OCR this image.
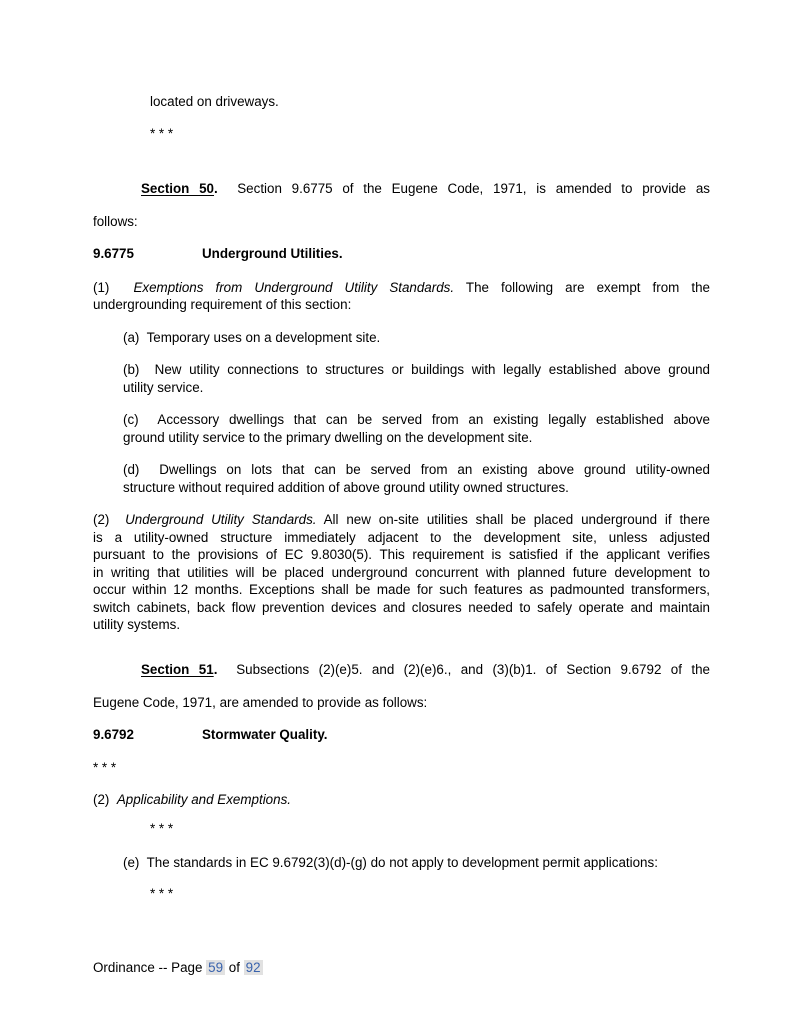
located on driveways.
* * *
Section 50.  Section 9.6775 of the Eugene Code, 1971, is amended to provide as
follows:
9.6775	Underground Utilities.
(1)  Exemptions from Underground Utility Standards. The following are exempt from the
undergrounding requirement of this section:
(a)  Temporary uses on a development site.
(b)  New utility connections to structures or buildings with legally established above ground
utility service.
(c)  Accessory dwellings that can be served from an existing legally established above
ground utility service to the primary dwelling on the development site.
(d)  Dwellings on lots that can be served from an existing above ground utility-owned
structure without required addition of above ground utility owned structures.
(2)  Underground Utility Standards. All new on-site utilities shall be placed underground if there
is a utility-owned structure immediately adjacent to the development site, unless adjusted
pursuant to the provisions of EC 9.8030(5). This requirement is satisfied if the applicant verifies
in writing that utilities will be placed underground concurrent with planned future development to
occur within 12 months. Exceptions shall be made for such features as padmounted transformers,
switch cabinets, back flow prevention devices and closures needed to safely operate and maintain
utility systems.
Section 51.  Subsections (2)(e)5. and (2)(e)6., and (3)(b)1. of Section 9.6792 of the
Eugene Code, 1971, are amended to provide as follows:
9.6792	Stormwater Quality.
* * *
(2)  Applicability and Exemptions.
* * *
(e)  The standards in EC 9.6792(3)(d)-(g) do not apply to development permit applications:
* * *
Ordinance -- Page 59 of 92
